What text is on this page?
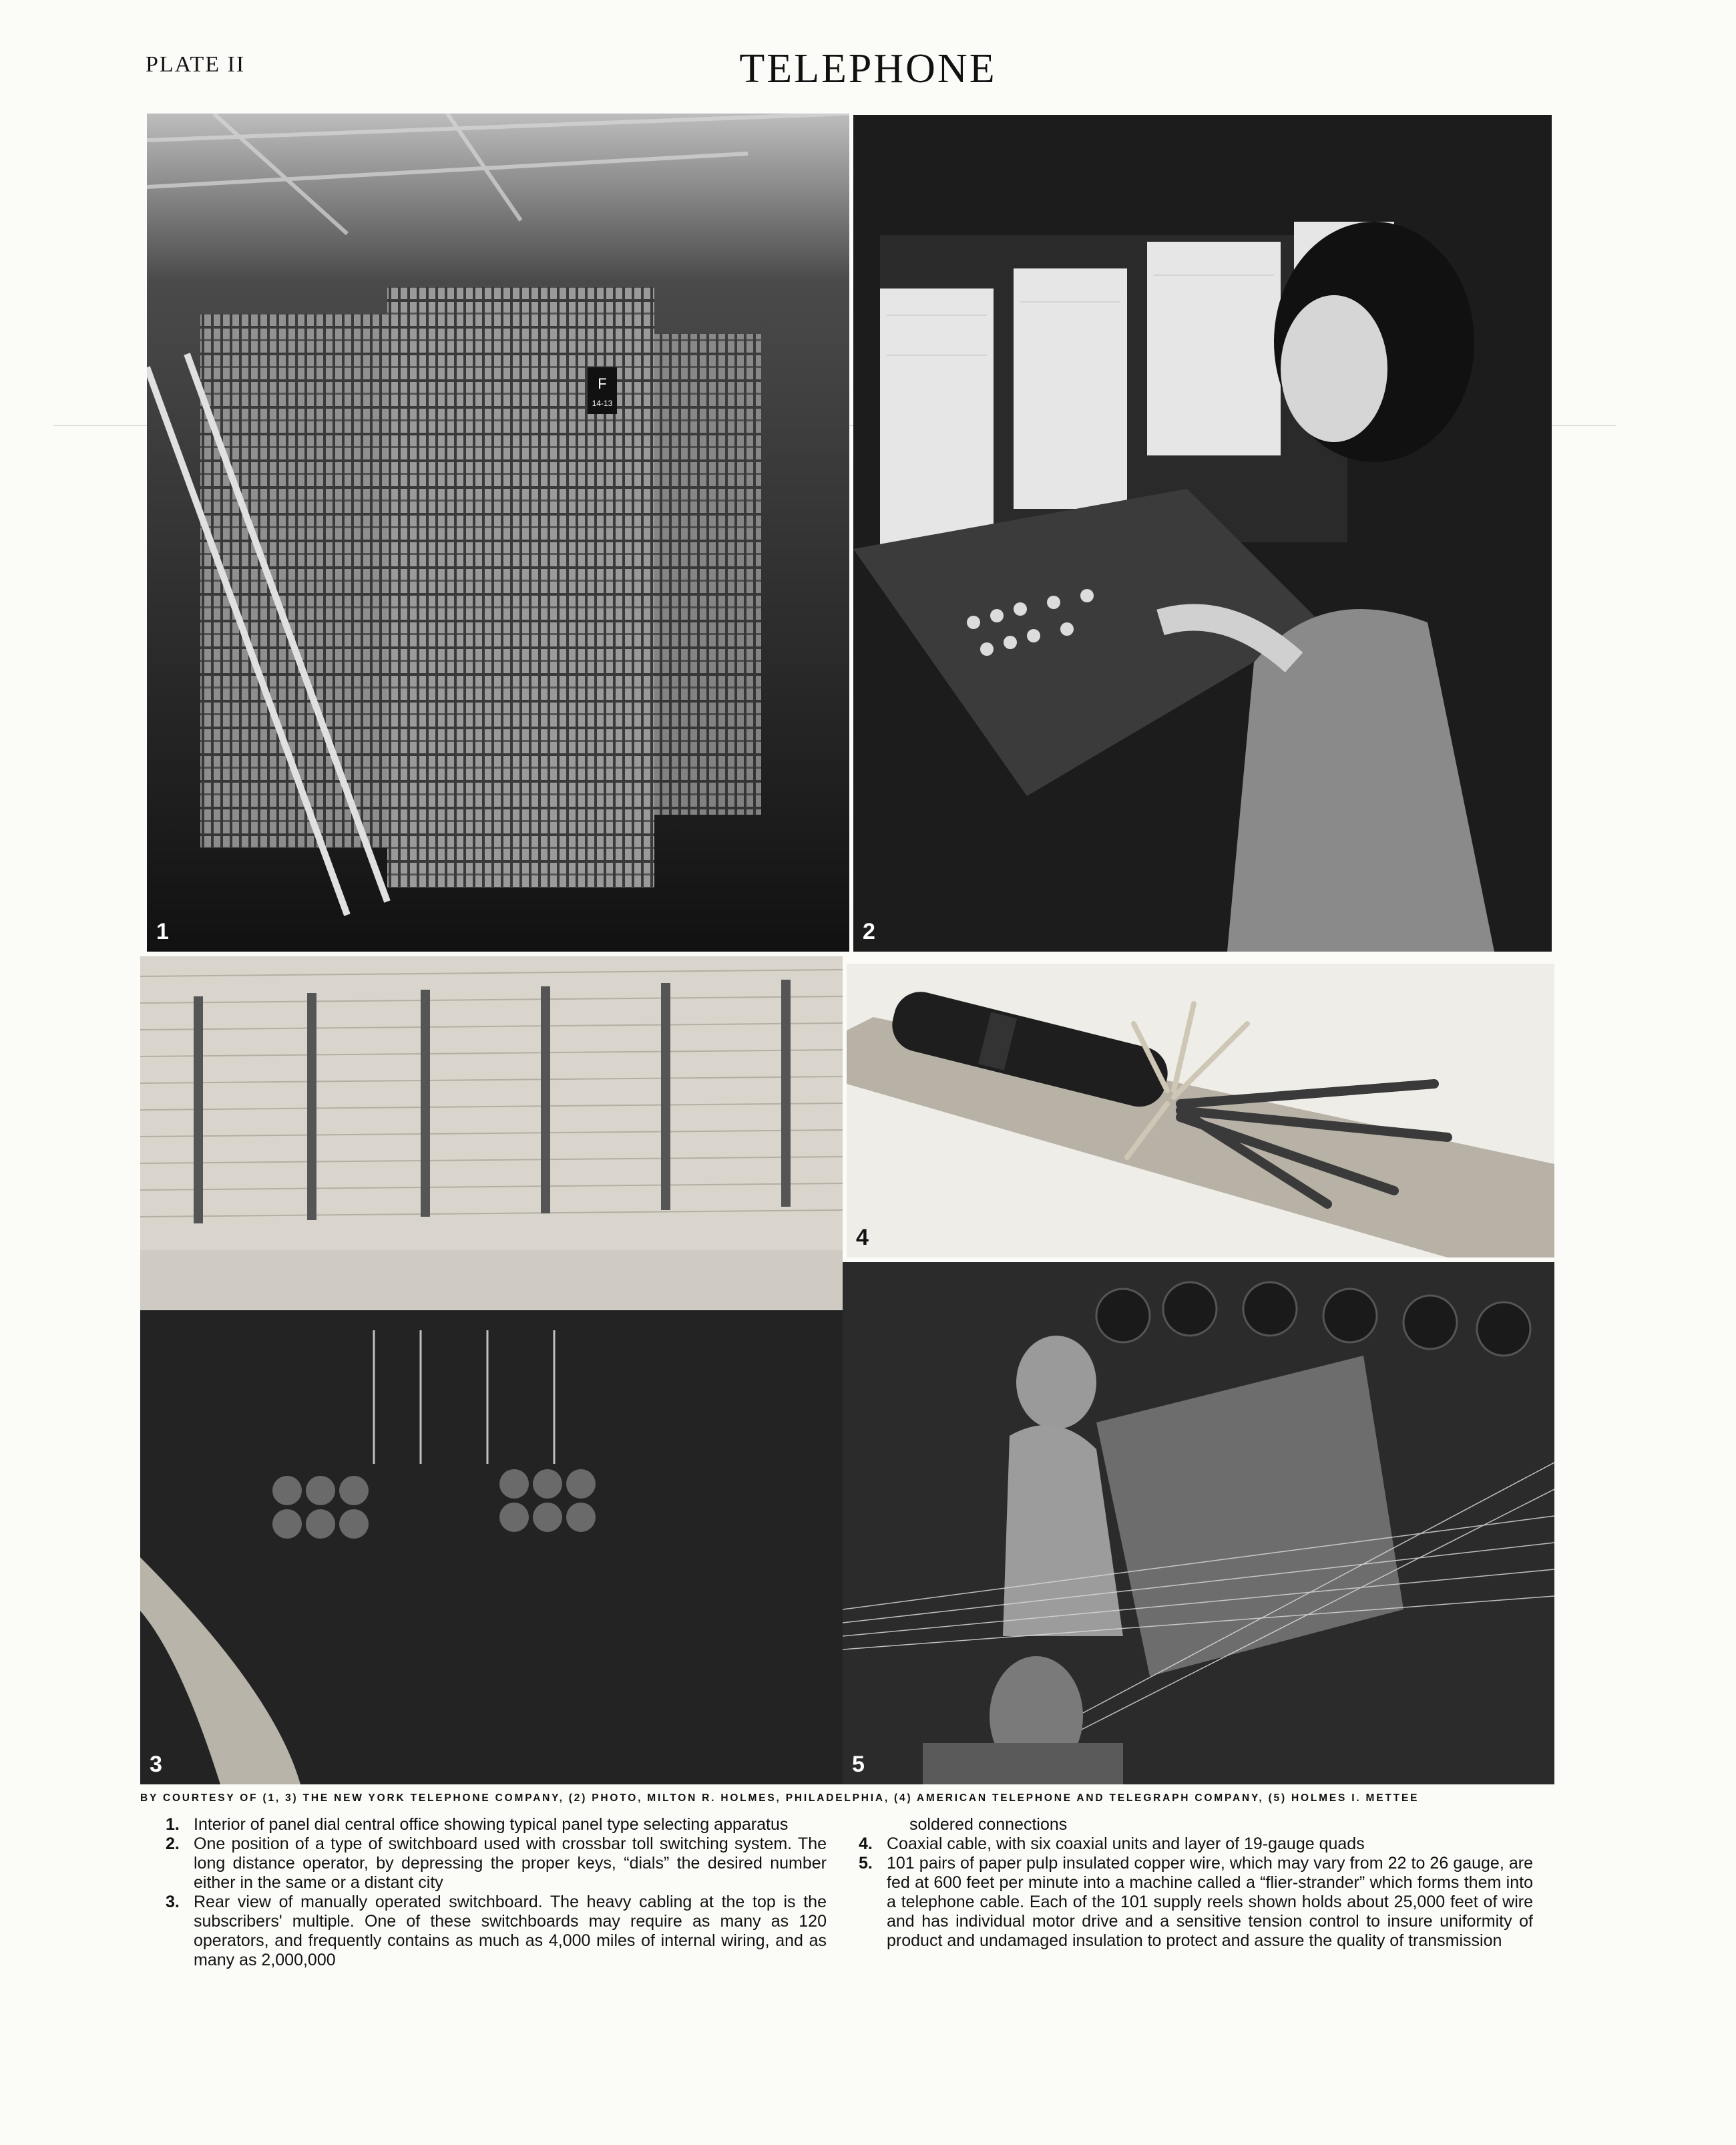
PLATE II	TELEPHONE
F
14-13
1	2
3
4
5
BY COURTESY OF (1, 3) THE NEW YORK TELEPHONE COMPANY, (2) PHOTO, MILTON R. HOLMES, PHILADELPHIA, (4) AMERICAN TELEPHONE AND TELEGRAPH COMPANY, (5) HOLMES I. METTEE
1. Interior of panel dial central office showing typical panel type selecting apparatus
2. One position of a type of switchboard used with crossbar toll switching system. The long distance operator, by depressing the proper keys, “dials” the desired number either in the same or a distant city
3. Rear view of manually operated switchboard. The heavy cabling at the top is the subscribers' multiple. One of these switchboards may require as many as 120 operators, and frequently contains as much as 4,000 miles of internal wiring, and as many as 2,000,000
soldered connections
4. Coaxial cable, with six coaxial units and layer of 19-gauge quads
5. 101 pairs of paper pulp insulated copper wire, which may vary from 22 to 26 gauge, are fed at 600 feet per minute into a machine called a “flier-strander” which forms them into a telephone cable. Each of the 101 supply reels shown holds about 25,000 feet of wire and has individual motor drive and a sensitive tension control to insure uniformity of product and undamaged insulation to protect and assure the quality of transmission
